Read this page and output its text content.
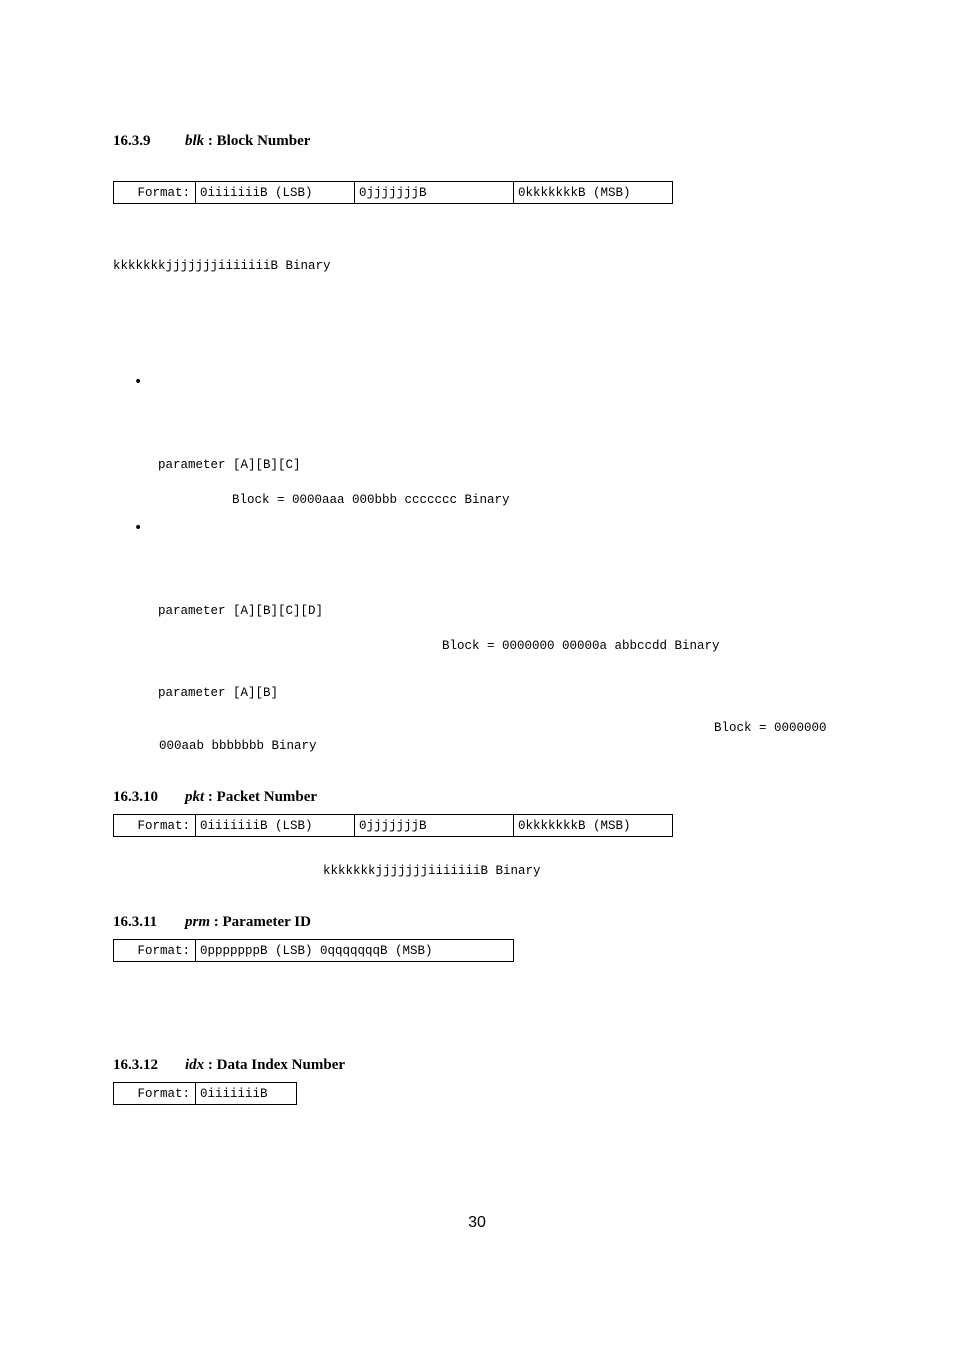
16.3.9 blk : Block Number
Format:	0iiiiiiiB (LSB)	0jjjjjjjB	0kkkkkkkB (MSB)
kkkkkkkjjjjjjjiiiiiiiB Binary
•
parameter [A][B][C]
Block = 0000aaa 000bbb ccccccc Binary
•
parameter [A][B][C][D]
Block = 0000000 00000a abbccdd Binary
parameter [A][B]
Block = 0000000
000aab bbbbbbb Binary
16.3.10 pkt : Packet Number
Format:	0iiiiiiiB (LSB)	0jjjjjjjB	0kkkkkkkB (MSB)
kkkkkkkjjjjjjjiiiiiiiB Binary
16.3.11 prm : Parameter ID
Format:	0pppppppB (LSB) 0qqqqqqqB (MSB)
16.3.12 idx : Data Index Number
Format:	0iiiiiiiB
30
